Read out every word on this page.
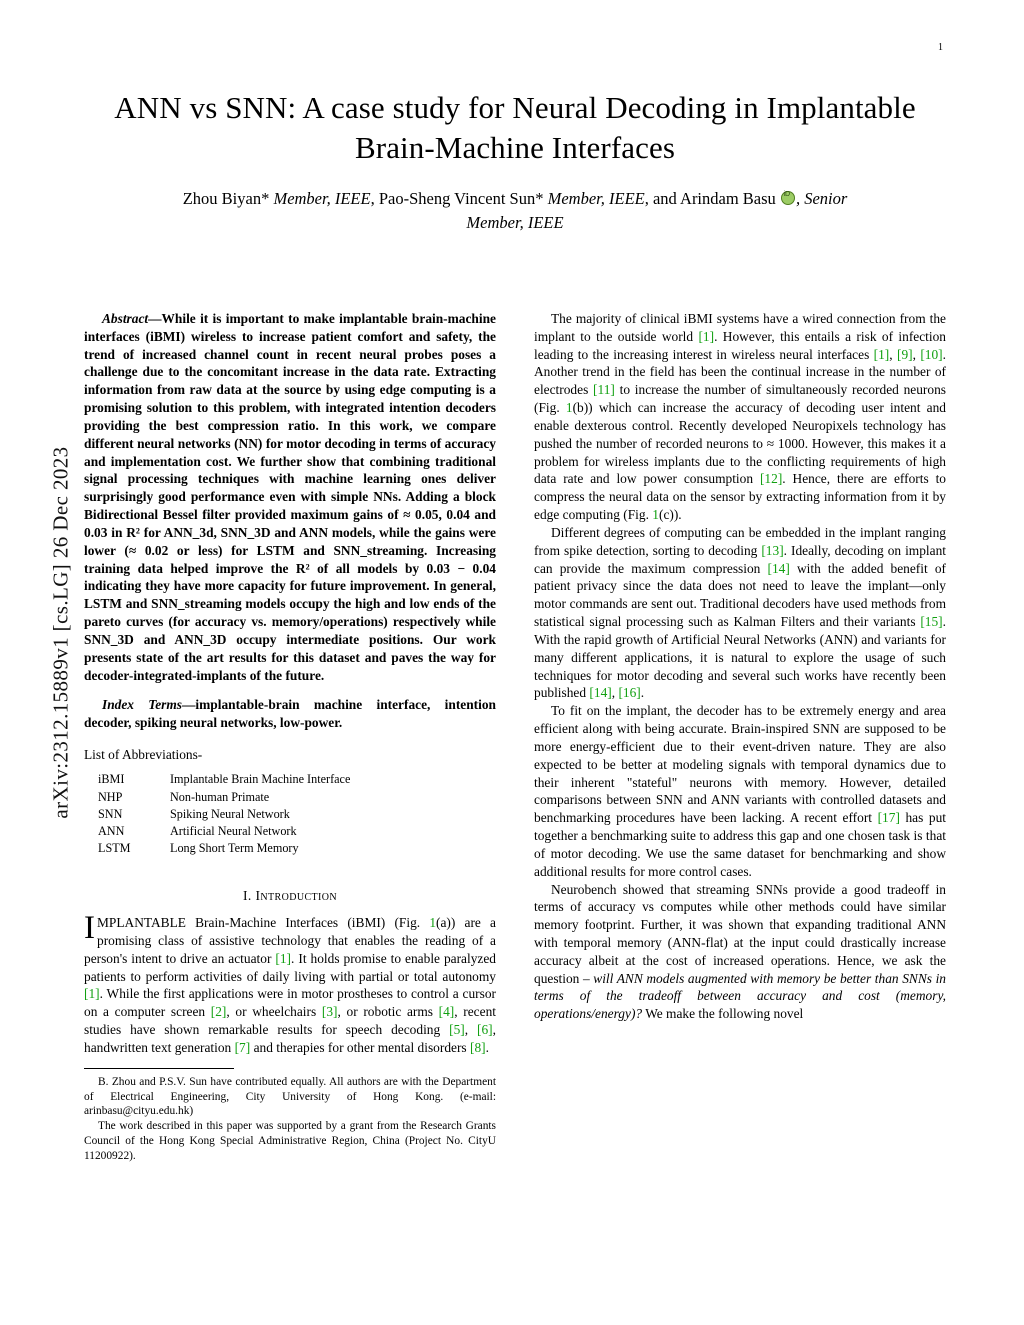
arXiv:2312.15889v1 [cs.LG] 26 Dec 2023
1
ANN vs SNN: A case study for Neural Decoding in Implantable Brain-Machine Interfaces
Zhou Biyan* Member, IEEE, Pao-Sheng Vincent Sun* Member, IEEE, and Arindam Basu iD, Senior Member, IEEE
Abstract—While it is important to make implantable brain-machine interfaces (iBMI) wireless to increase patient comfort and safety, the trend of increased channel count in recent neural probes poses a challenge due to the concomitant increase in the data rate. Extracting information from raw data at the source by using edge computing is a promising solution to this problem, with integrated intention decoders providing the best compression ratio. In this work, we compare different neural networks (NN) for motor decoding in terms of accuracy and implementation cost. We further show that combining traditional signal processing techniques with machine learning ones deliver surprisingly good performance even with simple NNs. Adding a block Bidirectional Bessel filter provided maximum gains of ≈ 0.05, 0.04 and 0.03 in R² for ANN_3d, SNN_3D and ANN models, while the gains were lower (≈ 0.02 or less) for LSTM and SNN_streaming. Increasing training data helped improve the R² of all models by 0.03 − 0.04 indicating they have more capacity for future improvement. In general, LSTM and SNN_streaming models occupy the high and low ends of the pareto curves (for accuracy vs. memory/operations) respectively while SNN_3D and ANN_3D occupy intermediate positions. Our work presents state of the art results for this dataset and paves the way for decoder-integrated-implants of the future.
Index Terms—implantable-brain machine interface, intention decoder, spiking neural networks, low-power.
List of Abbreviations-
iBMI	Implantable Brain Machine Interface
NHP	Non-human Primate
SNN	Spiking Neural Network
ANN	Artificial Neural Network
LSTM	Long Short Term Memory
I. Introduction

IMPLANTABLE Brain-Machine Interfaces (iBMI) (Fig. 1(a)) are a promising class of assistive technology that enables the reading of a person's intent to drive an actuator [1]. It holds promise to enable paralyzed patients to perform activities of daily living with partial or total autonomy [1]. While the first applications were in motor prostheses to control a cursor on a computer screen [2], or wheelchairs [3], or robotic arms [4], recent studies have shown remarkable results for speech decoding [5], [6], handwritten text generation [7] and therapies for other mental disorders [8].

B. Zhou and P.S.V. Sun have contributed equally. All authors are with the Department of Electrical Engineering, City University of Hong Kong. (e-mail: arinbasu@cityu.edu.hk)

The work described in this paper was supported by a grant from the Research Grants Council of the Hong Kong Special Administrative Region, China (Project No. CityU 11200922).

The majority of clinical iBMI systems have a wired connection from the implant to the outside world [1]. However, this entails a risk of infection leading to the increasing interest in wireless neural interfaces [1], [9], [10]. Another trend in the field has been the continual increase in the number of electrodes [11] to increase the number of simultaneously recorded neurons (Fig. 1(b)) which can increase the accuracy of decoding user intent and enable dexterous control. Recently developed Neuropixels technology has pushed the number of recorded neurons to ≈ 1000. However, this makes it a problem for wireless implants due to the conflicting requirements of high data rate and low power consumption [12]. Hence, there are efforts to compress the neural data on the sensor by extracting information from it by edge computing (Fig. 1(c)).

Different degrees of computing can be embedded in the implant ranging from spike detection, sorting to decoding [13]. Ideally, decoding on implant can provide the maximum compression [14] with the added benefit of patient privacy since the data does not need to leave the implant—only motor commands are sent out. Traditional decoders have used methods from statistical signal processing such as Kalman Filters and their variants [15]. With the rapid growth of Artificial Neural Networks (ANN) and variants for many different applications, it is natural to explore the usage of such techniques for motor decoding and several such works have recently been published [14], [16].

To fit on the implant, the decoder has to be extremely energy and area efficient along with being accurate. Brain-inspired SNN are supposed to be more energy-efficient due to their event-driven nature. They are also expected to be better at modeling signals with temporal dynamics due to their inherent "stateful" neurons with memory. However, detailed comparisons between SNN and ANN variants with controlled datasets and benchmarking procedures have been lacking. A recent effort [17] has put together a benchmarking suite to address this gap and one chosen task is that of motor decoding. We use the same dataset for benchmarking and show additional results for more control cases.

Neurobench showed that streaming SNNs provide a good tradeoff in terms of accuracy vs computes while other methods could have similar memory footprint. Further, it was shown that expanding traditional ANN with temporal memory (ANN-flat) at the input could drastically increase accuracy albeit at the cost of increased operations. Hence, we ask the question – will ANN models augmented with memory be better than SNNs in terms of the tradeoff between accuracy and cost (memory, operations/energy)? We make the following novel
